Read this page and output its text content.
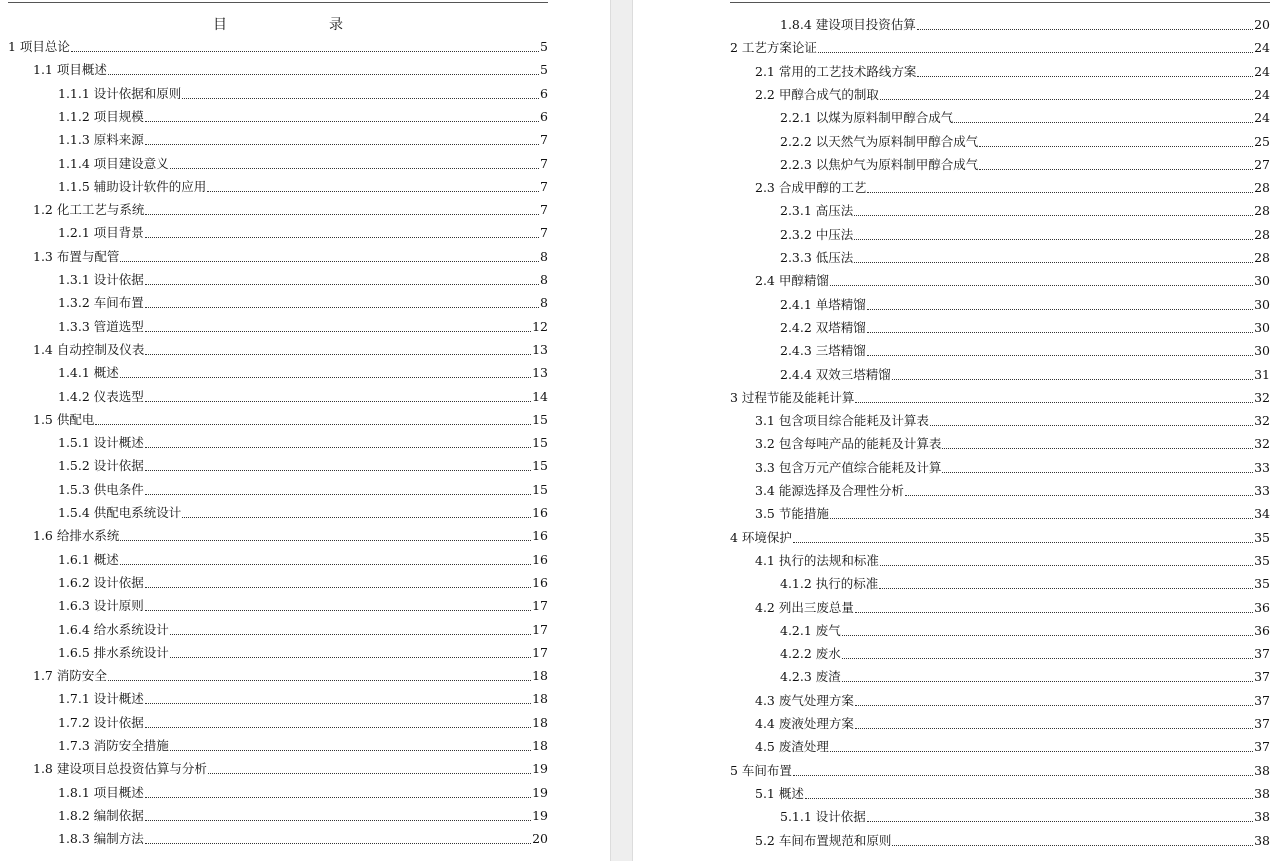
目　录
1 项目总论	5
1.1 项目概述	5
1.1.1 设计依据和原则	6
1.1.2 项目规模	6
1.1.3 原料来源	7
1.1.4 项目建设意义	7
1.1.5 辅助设计软件的应用	7
1.2 化工工艺与系统	7
1.2.1 项目背景	7
1.3 布置与配管	8
1.3.1 设计依据	8
1.3.2 车间布置	8
1.3.3 管道选型	12
1.4 自动控制及仪表	13
1.4.1 概述	13
1.4.2 仪表选型	14
1.5 供配电	15
1.5.1 设计概述	15
1.5.2 设计依据	15
1.5.3 供电条件	15
1.5.4 供配电系统设计	16
1.6 给排水系统	16
1.6.1 概述	16
1.6.2 设计依据	16
1.6.3 设计原则	17
1.6.4 给水系统设计	17
1.6.5 排水系统设计	17
1.7 消防安全	18
1.7.1 设计概述	18
1.7.2 设计依据	18
1.7.3 消防安全措施	18
1.8 建设项目总投资估算与分析	19
1.8.1 项目概述	19
1.8.2 编制依据	19
1.8.3 编制方法	20
1.8.4 建设项目投资估算	20
2 工艺方案论证	24
2.1 常用的工艺技术路线方案	24
2.2 甲醇合成气的制取	24
2.2.1 以煤为原料制甲醇合成气	24
2.2.2 以天然气为原料制甲醇合成气	25
2.2.3 以焦炉气为原料制甲醇合成气	27
2.3 合成甲醇的工艺	28
2.3.1 高压法	28
2.3.2 中压法	28
2.3.3 低压法	28
2.4 甲醇精馏	30
2.4.1 单塔精馏	30
2.4.2 双塔精馏	30
2.4.3 三塔精馏	30
2.4.4 双效三塔精馏	31
3 过程节能及能耗计算	32
3.1 包含项目综合能耗及计算表	32
3.2 包含每吨产品的能耗及计算表	32
3.3 包含万元产值综合能耗及计算	33
3.4 能源选择及合理性分析	33
3.5 节能措施	34
4 环境保护	35
4.1 执行的法规和标准	35
4.1.2 执行的标准	35
4.2 列出三废总量	36
4.2.1 废气	36
4.2.2 废水	37
4.2.3 废渣	37
4.3 废气处理方案	37
4.4 废液处理方案	37
4.5 废渣处理	37
5 车间布置	38
5.1 概述	38
5.1.1 设计依据	38
5.2 车间布置规范和原则	38
